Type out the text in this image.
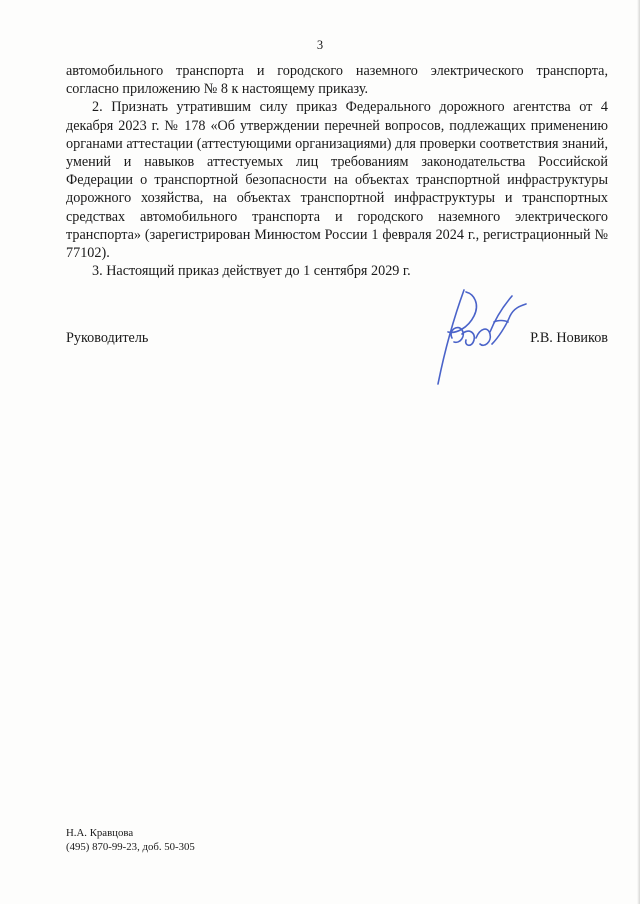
3

автомобильного транспорта и городского наземного электрического транспорта, согласно приложению № 8 к настоящему приказу.

2. Признать утратившим силу приказ Федерального дорожного агентства от 4 декабря 2023 г. № 178 «Об утверждении перечней вопросов, подлежащих применению органами аттестации (аттестующими организациями) для проверки соответствия знаний, умений и навыков аттестуемых лиц требованиям законодательства Российской Федерации о транспортной безопасности на объектах транспортной инфраструктуры дорожного хозяйства, на объектах транспортной инфраструктуры и транспортных средствах автомобильного транспорта и городского наземного электрического транспорта» (зарегистрирован Минюстом России 1 февраля 2024 г., регистрационный № 77102).

3. Настоящий приказ действует до 1 сентября 2029 г.

Руководитель	Р.В. Новиков
Н.А. Кравцова
(495) 870-99-23, доб. 50-305
